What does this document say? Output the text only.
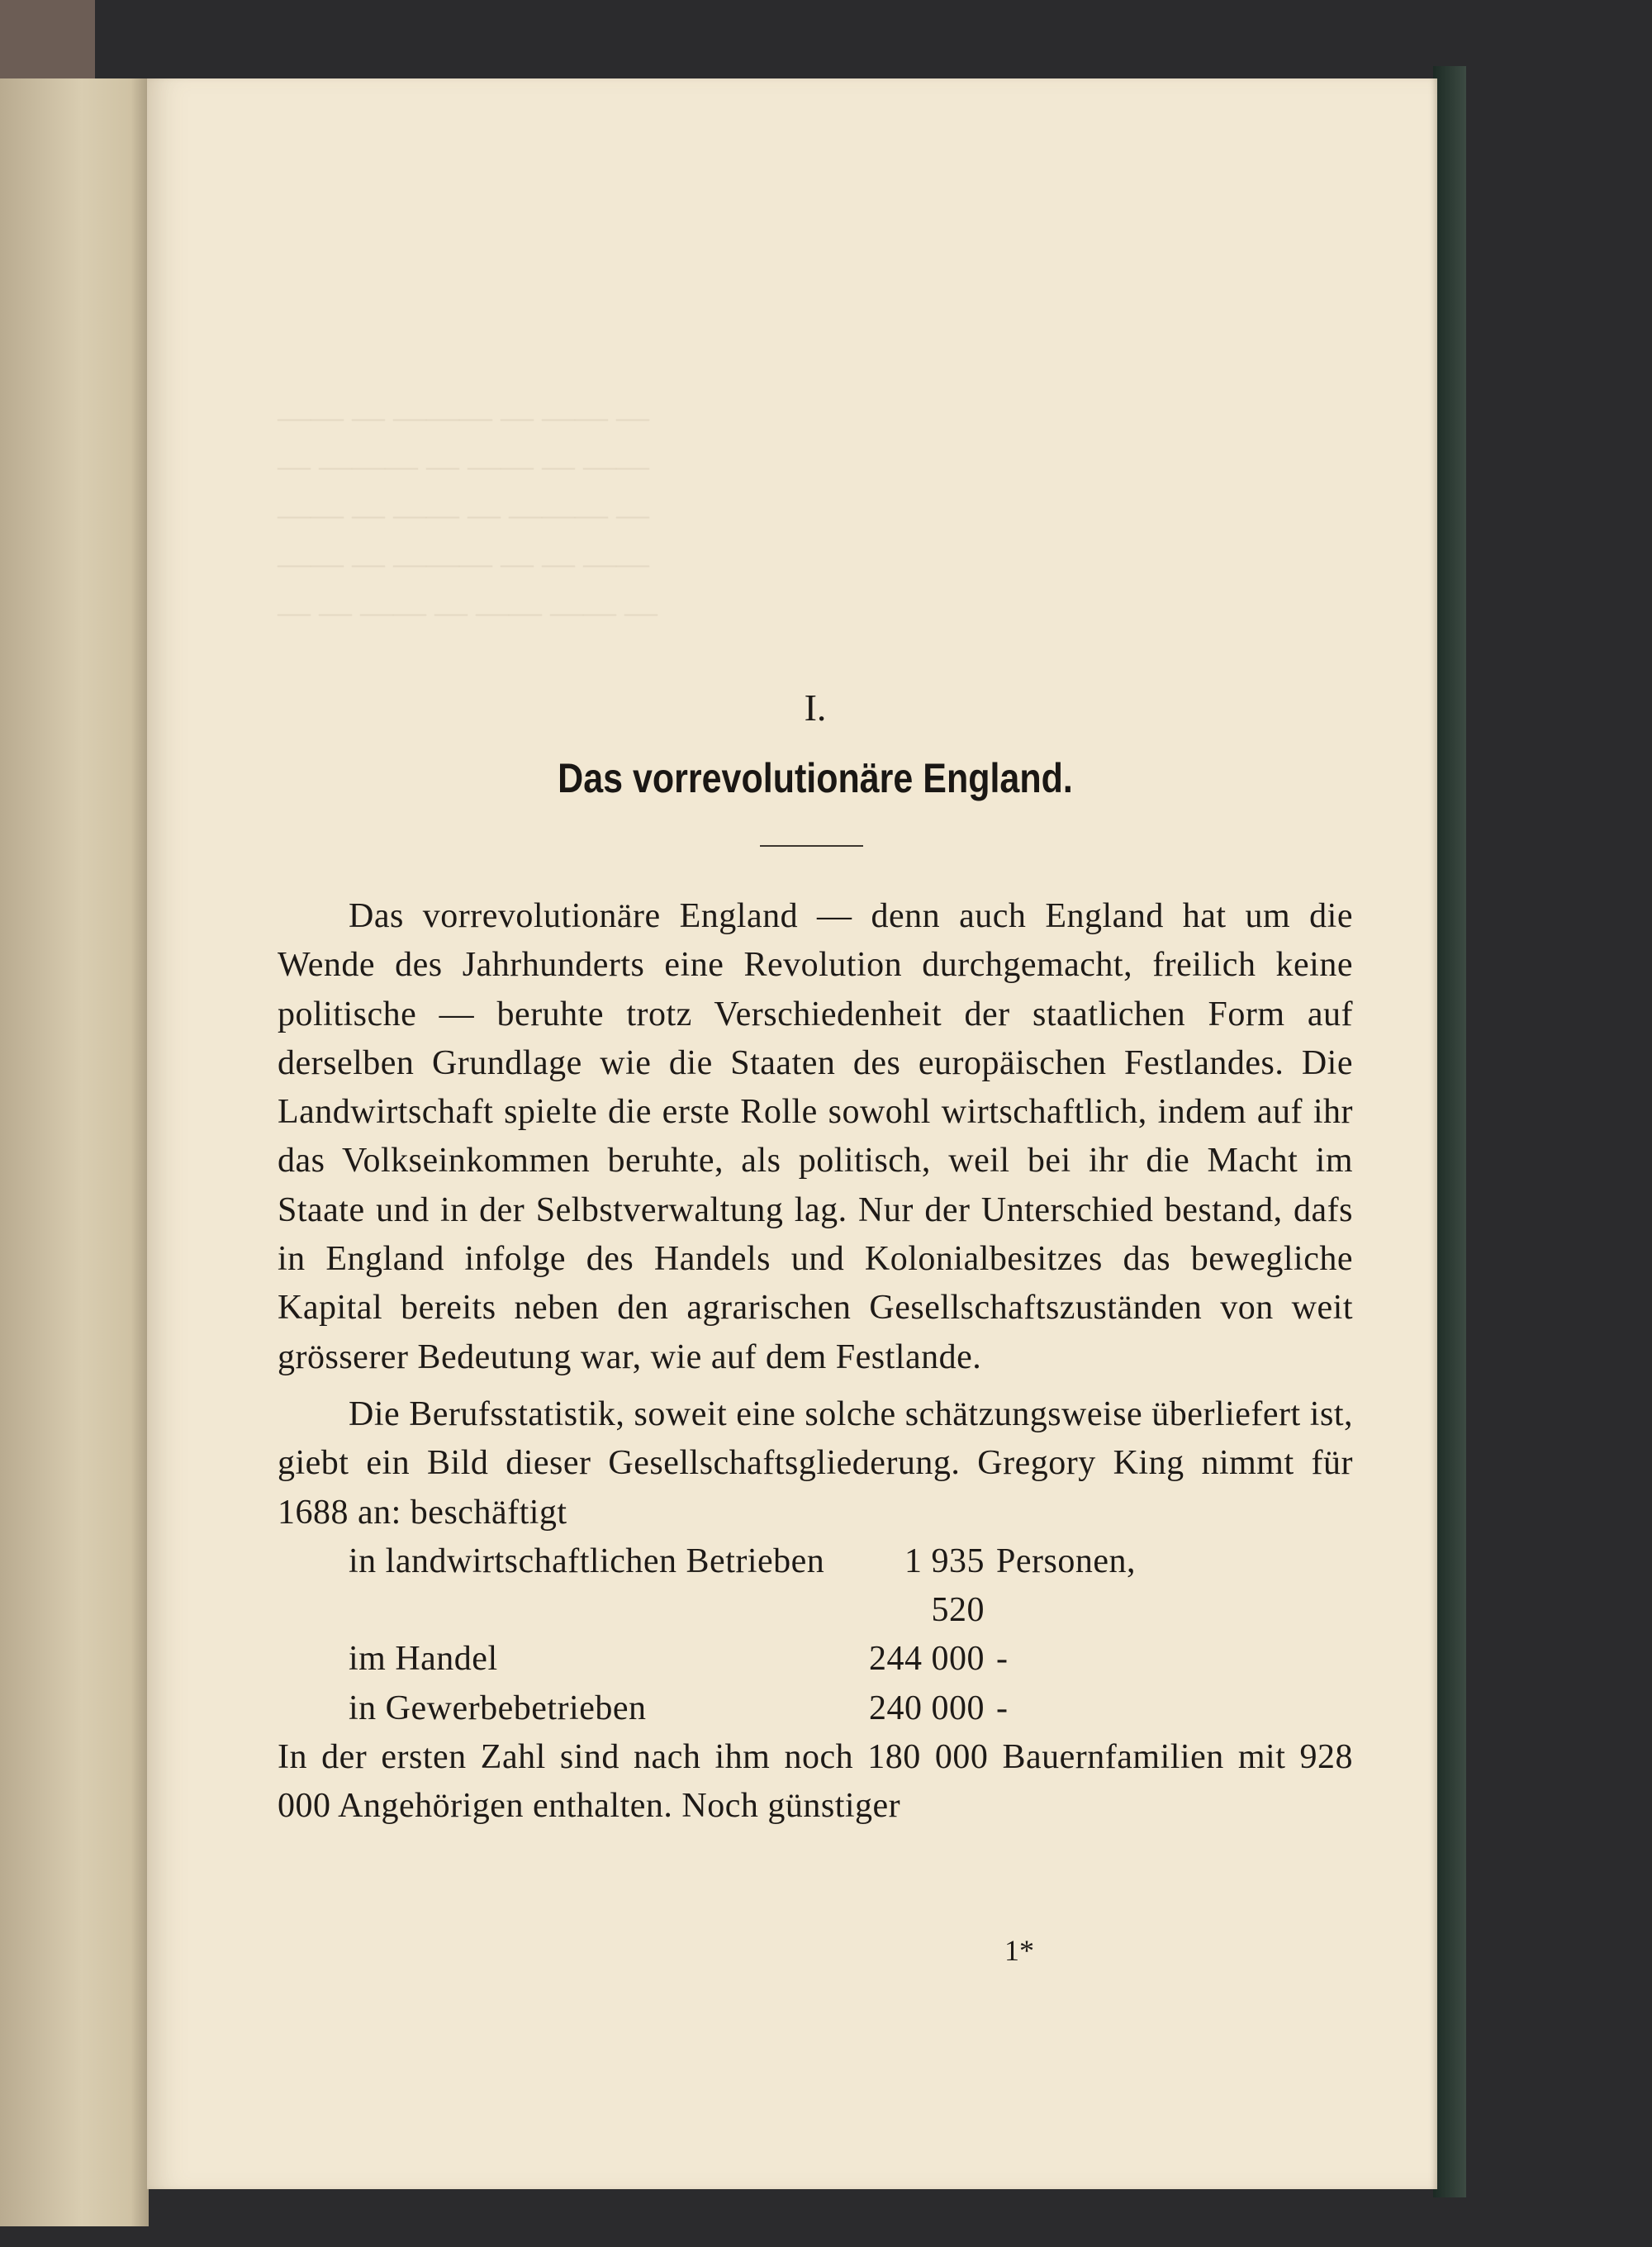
— —— — ——— — ——
—— — —— — ——— —
— ——— — —— — ——
—— — — ——— — ——
— —— —— — —— — —
I.
Das vorrevolutionäre England.

Das vorrevolutionäre England — denn auch England hat um die Wende des Jahrhunderts eine Revolution durchgemacht, freilich keine politische — beruhte trotz Verschiedenheit der staatlichen Form auf derselben Grundlage wie die Staaten des europäischen Festlandes. Die Landwirtschaft spielte die erste Rolle sowohl wirtschaftlich, indem auf ihr das Volkseinkommen beruhte, als politisch, weil bei ihr die Macht im Staate und in der Selbstverwaltung lag. Nur der Unterschied bestand, dafs in England infolge des Handels und Kolonialbesitzes das bewegliche Kapital bereits neben den agrarischen Gesellschaftszuständen von weit grösserer Bedeutung war, wie auf dem Festlande.

Die Berufsstatistik, soweit eine solche schätzungsweise überliefert ist, giebt ein Bild dieser Gesellschaftsgliederung. Gregory King nimmt für 1688 an: beschäftigt

in landwirtschaftlichen Betrieben	1 935 520	Personen,
im Handel	244 000	-
in Gewerbebetrieben	240 000	-

In der ersten Zahl sind nach ihm noch 180 000 Bauernfamilien mit 928 000 Angehörigen enthalten. Noch günstiger

1*
